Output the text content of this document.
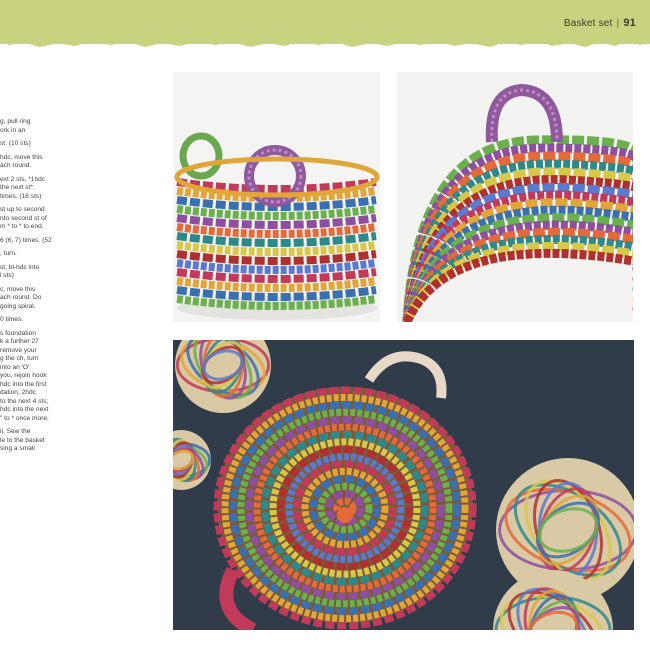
Basket set | 91
g, pull ring
ork in an
st. (10 sts)
hdc, move this
ach round.
ext 2 sts, *1hdc
the next st*;
times. (16 sts)
st up to second
nto second st of
m * to * to end.
6 (6, 7) times. (52
, turn.
st, bl-hdc into
l sts)
c, move this
ach round. Do
going spiral.
0 times.
s foundation
k a further 27
remove your
g the ch, turn
into an 'O'
you, rejoin hook
hdc into the first
dation, 2hdc
to the next 4 sts;
hdc into the next
" to * once more.
il. Sew the
le to the basket
sing a small
